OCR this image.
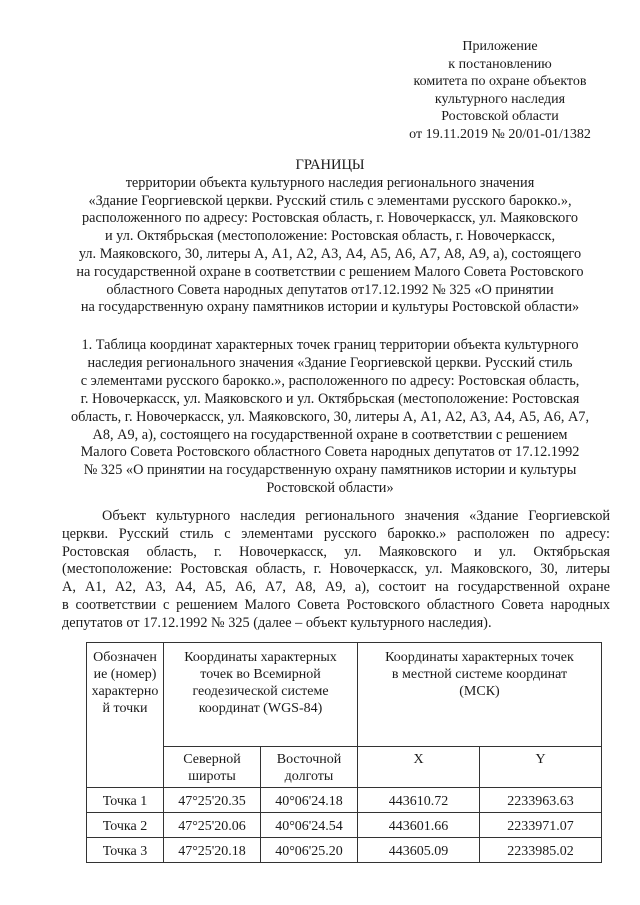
Приложение
к постановлению
комитета по охране объектов
культурного наследия
Ростовской области
от 19.11.2019 № 20/01-01/1382
ГРАНИЦЫ
территории объекта культурного наследия регионального значения
«Здание Георгиевской церкви. Русский стиль с элементами русского барокко.»,
расположенного по адресу: Ростовская область, г. Новочеркасск, ул. Маяковского
и ул. Октябрьская (местоположение: Ростовская область, г. Новочеркасск,
ул. Маяковского, 30, литеры А, А1, А2, А3, А4, А5, А6, А7, А8, А9, а), состоящего
на государственной охране в соответствии с решением Малого Совета Ростовского
областного Совета народных депутатов от17.12.1992 № 325 «О принятии
на государственную охрану памятников истории и культуры Ростовской области»
1. Таблица координат характерных точек границ территории объекта культурного
наследия регионального значения «Здание Георгиевской церкви. Русский стиль
с элементами русского барокко.», расположенного по адресу: Ростовская область,
г. Новочеркасск, ул. Маяковского и ул. Октябрьская (местоположение: Ростовская
область, г. Новочеркасск, ул. Маяковского, 30, литеры А, А1, А2, А3, А4, А5, А6, А7,
А8, А9, а), состоящего на государственной охране в соответствии с решением
Малого Совета Ростовского областного Совета народных депутатов от 17.12.1992
№ 325 «О принятии на государственную охрану памятников истории и культуры
Ростовской области»
Объект культурного наследия регионального значения «Здание Георгиевской
церкви. Русский стиль с элементами русского барокко.» расположен по адресу:
Ростовская область, г. Новочеркасск, ул. Маяковского и ул. Октябрьская
(местоположение: Ростовская область, г. Новочеркасск, ул. Маяковского, 30, литеры
А, А1, А2, А3, А4, А5, А6, А7, А8, А9, а), состоит на государственной охране
в соответствии с решением Малого Совета Ростовского областного Совета народных
депутатов от 17.12.1992 № 325 (далее – объект культурного наследия).
Обозначен
ие (номер)
характерно
й точки	Координаты характерных
точек во Всемирной
геодезической системе
координат (WGS-84)		Координаты характерных точек
в местной системе координат
(МСК)	

	Северной
широты	Восточной
долготы	X	Y
Точка 1	47°25'20.35	40°06'24.18	443610.72	2233963.63
Точка 2	47°25'20.06	40°06'24.54	443601.66	2233971.07
Точка 3	47°25'20.18	40°06'25.20	443605.09	2233985.02
